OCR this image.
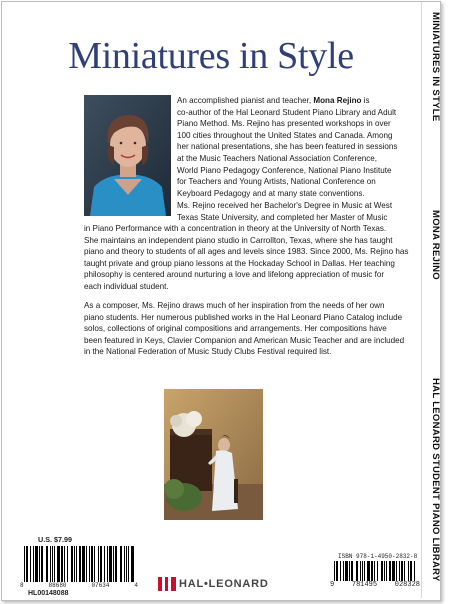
MINIATURES IN STYLE
MONA REJINO
HAL LEONARD STUDENT PIANO LIBRARY
Miniatures in Style
An accomplished pianist and teacher, Mona Rejino is
co-author of the Hal Leonard Student Piano Library and Adult
Piano Method. Ms. Rejino has presented workshops in over
100 cities throughout the United States and Canada. Among
her national presentations, she has been featured in sessions
at the Music Teachers National Association Conference,
World Piano Pedagogy Conference, National Piano Institute
for Teachers and Young Artists, National Conference on
Keyboard Pedagogy and at many state conventions.
Ms. Rejino received her Bachelor's Degree in Music at West
Texas State University, and completed her Master of Music
in Piano Performance with a concentration in theory at the University of North Texas.
She maintains an independent piano studio in Carrollton, Texas, where she has taught
piano and theory to students of all ages and levels since 1983. Since 2000, Ms. Rejino has
taught private and group piano lessons at the Hockaday School in Dallas. Her teaching
philosophy is centered around nurturing a love and lifelong appreciation of music for
each individual student.
As a composer, Ms. Rejino draws much of her inspiration from the needs of her own
piano students. Her numerous published works in the Hal Leonard Piano Catalog include
solos, collections of original compositions and arrangements. Her compositions have
been featured in Keys, Clavier Companion and American Music Teacher and are included
in the National Federation of Music Study Clubs Festival required list.
U.S. $7.99
8	88680	07634	4
HL00148088
HAL•LEONARD
ISBN 978-1-4950-2832-8
9	781495	028328
